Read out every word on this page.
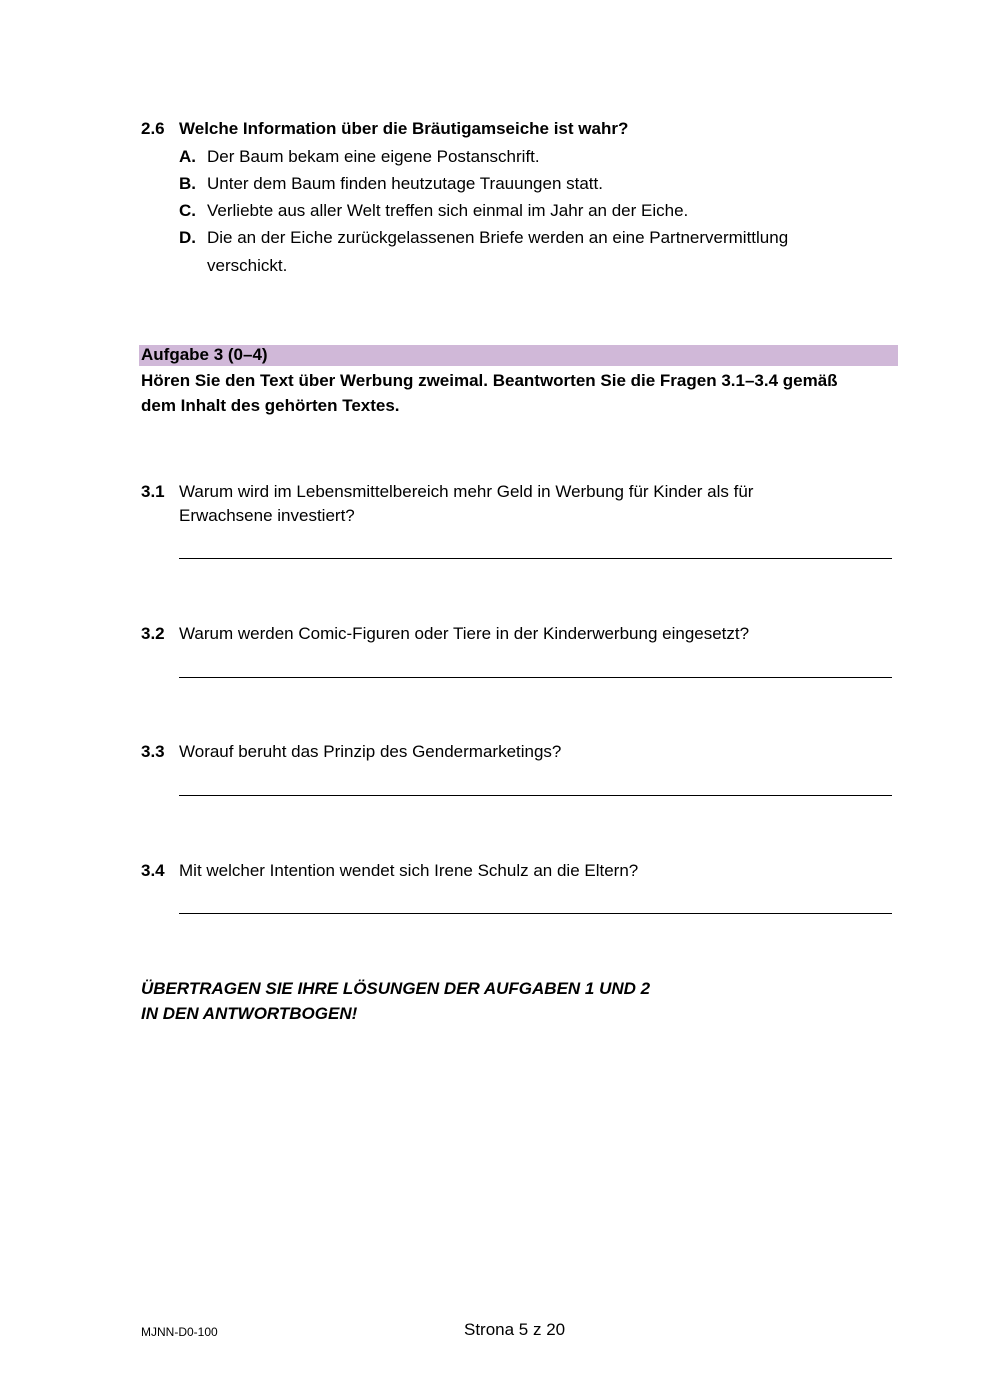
2.6 Welche Information über die Bräutigamseiche ist wahr?
A. Der Baum bekam eine eigene Postanschrift.
B. Unter dem Baum finden heutzutage Trauungen statt.
C. Verliebte aus aller Welt treffen sich einmal im Jahr an der Eiche.
D. Die an der Eiche zurückgelassenen Briefe werden an eine Partnervermittlung
verschickt.
Aufgabe 3 (0–4)
Hören Sie den Text über Werbung zweimal. Beantworten Sie die Fragen 3.1–3.4 gemäß
dem Inhalt des gehörten Textes.
3.1 Warum wird im Lebensmittelbereich mehr Geld in Werbung für Kinder als für
Erwachsene investiert?
3.2 Warum werden Comic-Figuren oder Tiere in der Kinderwerbung eingesetzt?
3.3 Worauf beruht das Prinzip des Gendermarketings?
3.4 Mit welcher Intention wendet sich Irene Schulz an die Eltern?
ÜBERTRAGEN SIE IHRE LÖSUNGEN DER AUFGABEN 1 UND 2
IN DEN ANTWORTBOGEN!
MJNN-D0-100	Strona 5 z 20
